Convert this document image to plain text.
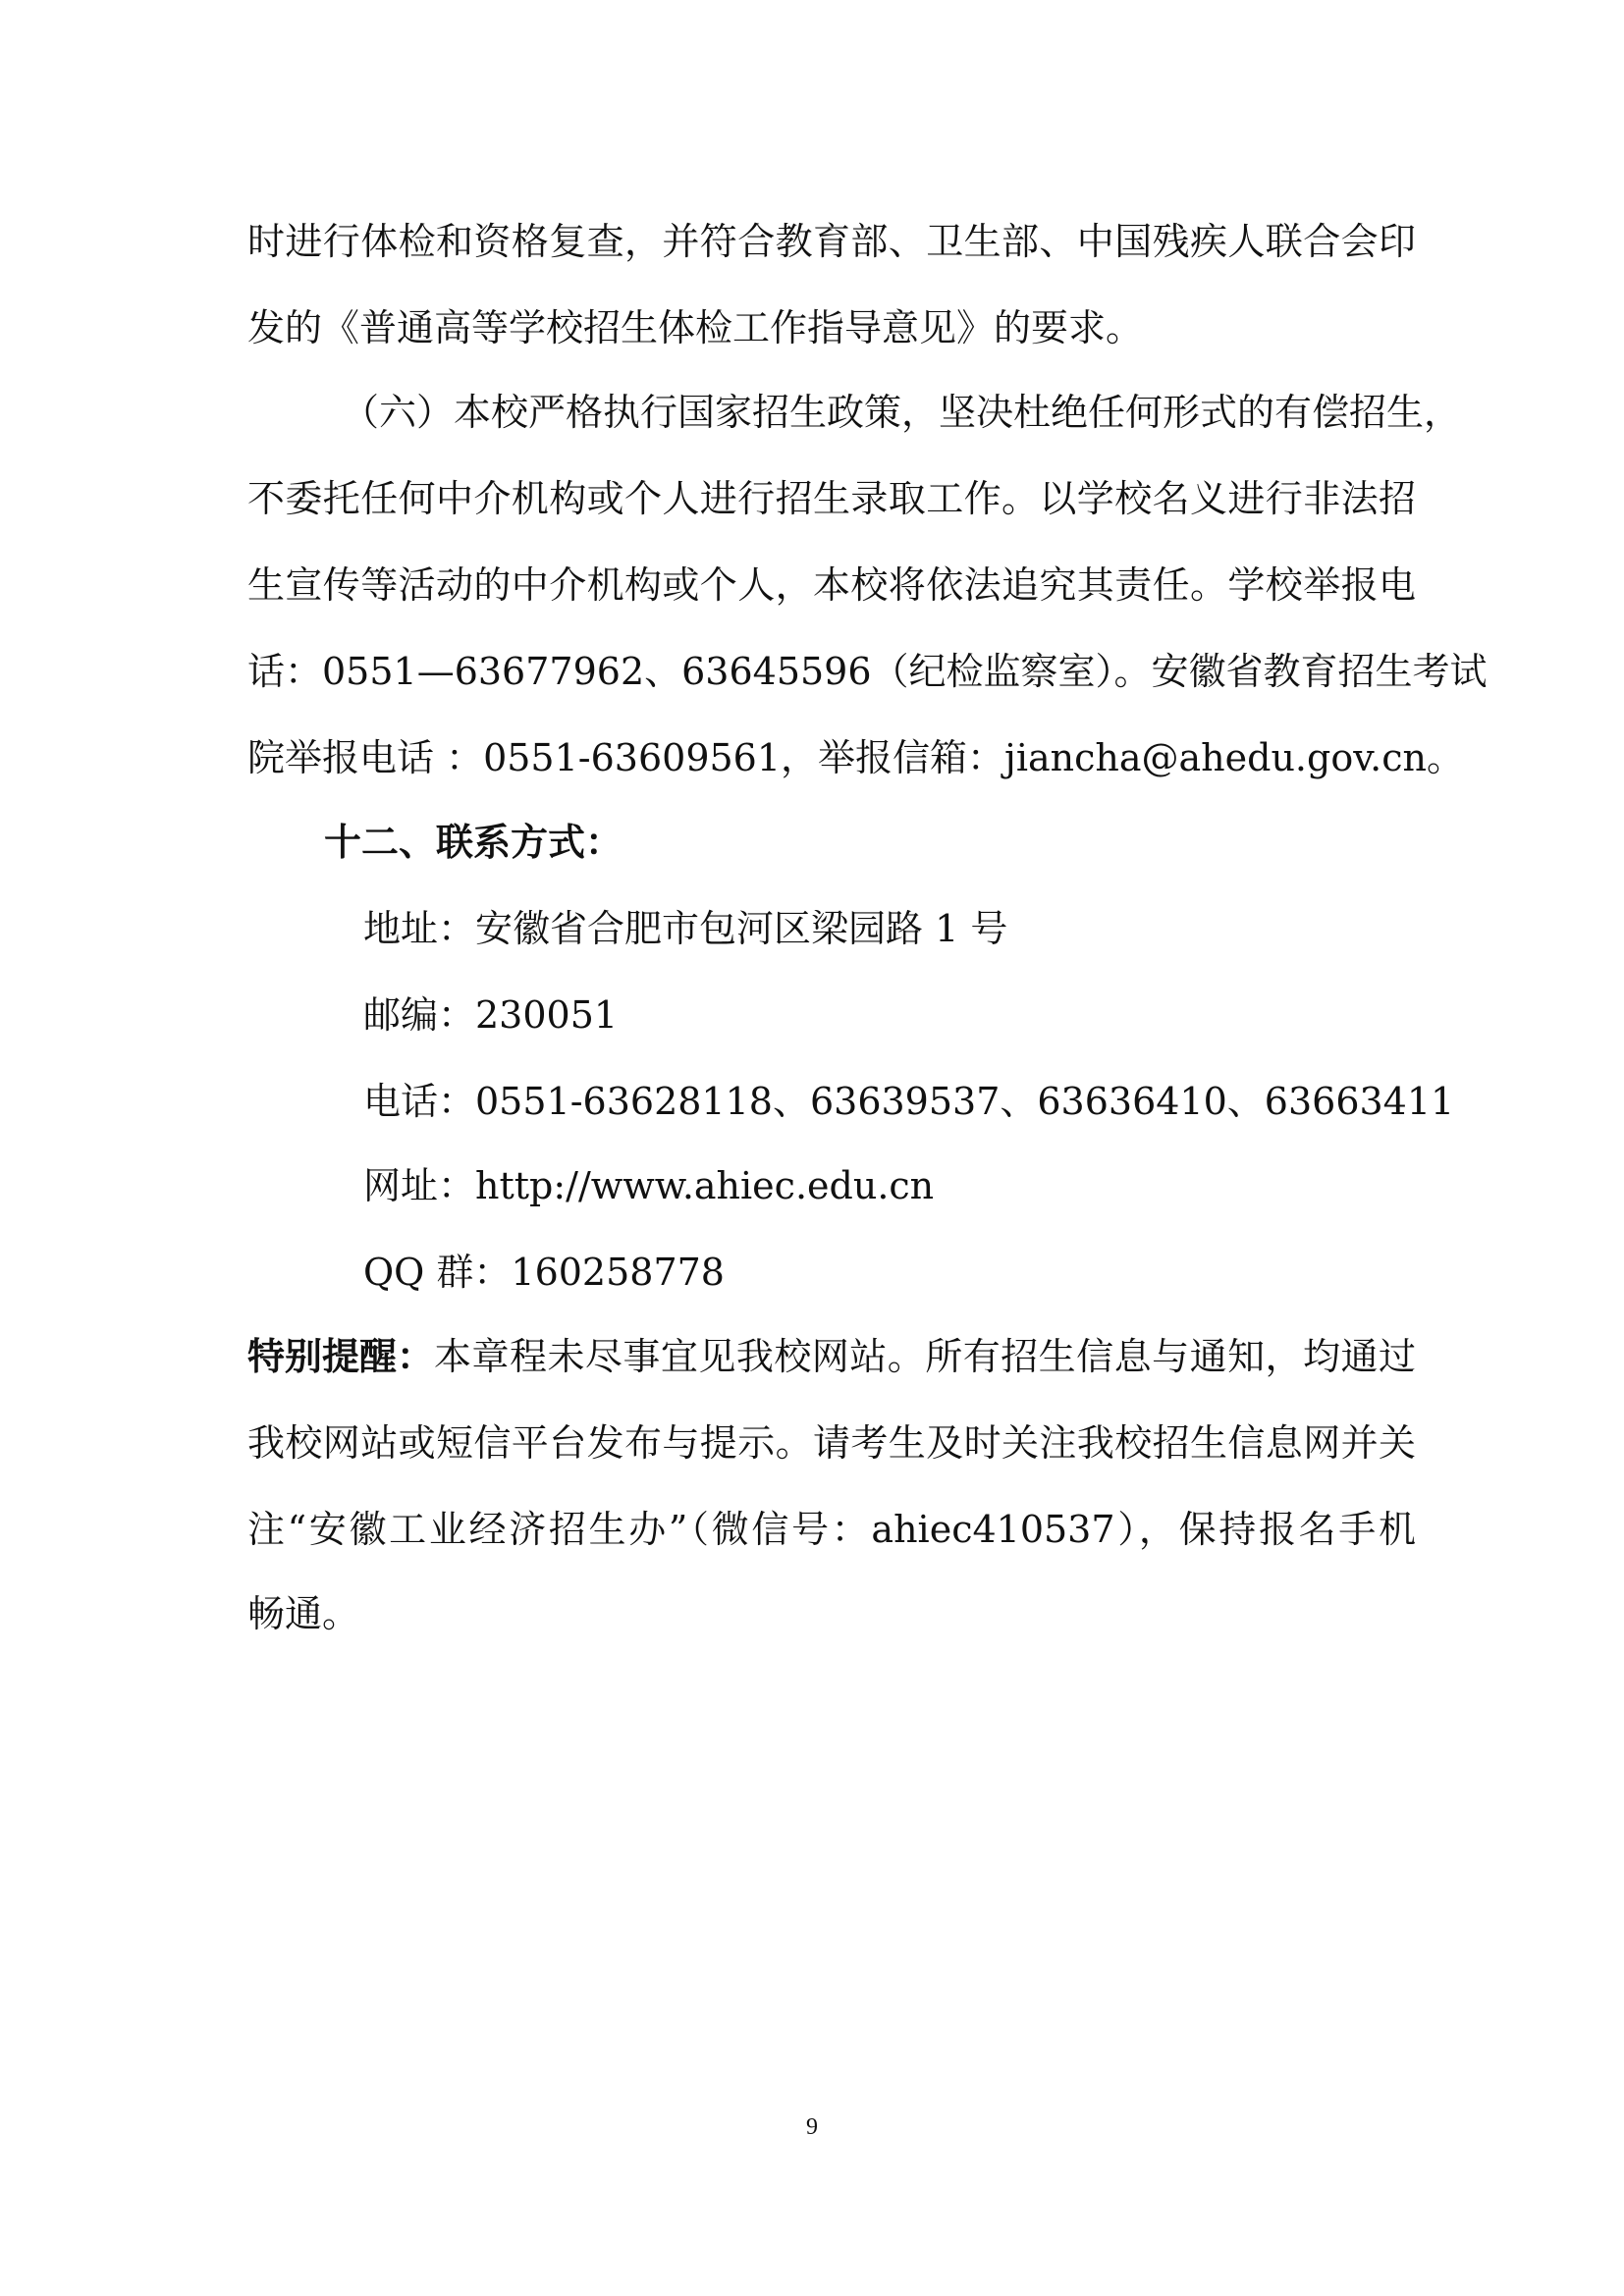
时进行体检和资格复查，并符合教育部、卫生部、中国残疾人联合会印
发的《普通高等学校招生体检工作指导意见》的要求。
（六）本校严格执行国家招生政策，坚决杜绝任何形式的有偿招生，
不委托任何中介机构或个人进行招生录取工作。以学校名义进行非法招
生宣传等活动的中介机构或个人，本校将依法追究其责任。学校举报电
话：0551—63677962、63645596（纪检监察室）。安徽省教育招生考试
院举报电话 ：0551-63609561，举报信箱：jiancha@ahedu.gov.cn。
十二、联系方式：
地址：安徽省合肥市包河区梁园路 1 号
邮编：230051
电话：0551-63628118、63639537、63636410、63663411
网址：http://www.ahiec.edu.cn
QQ 群：160258778
特别提醒： 本章程未尽事宜见我校网站。所有招生信息与通知，均通过
我校网站或短信平台发布与提示。请考生及时关注我校招生信息网并关
注“安徽工业经济招生办”（微信号：ahiec410537），保持报名手机
畅通。
9
